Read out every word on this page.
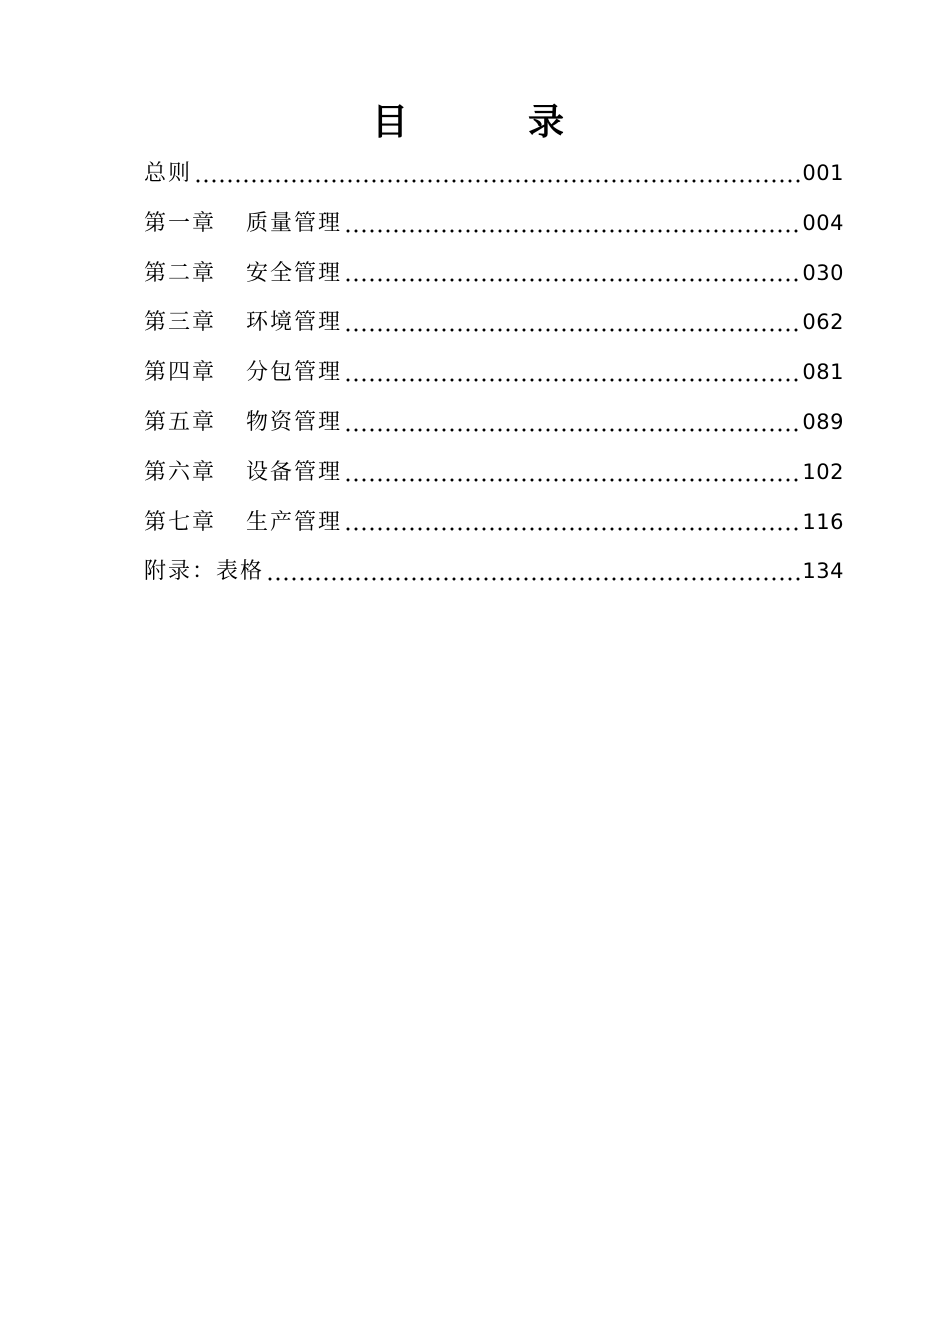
目　录
总则	001
第一章	质量管理	004
第二章	安全管理	030
第三章	环境管理	062
第四章	分包管理	081
第五章	物资管理	089
第六章	设备管理	102
第七章	生产管理	116
附录：表格	134
